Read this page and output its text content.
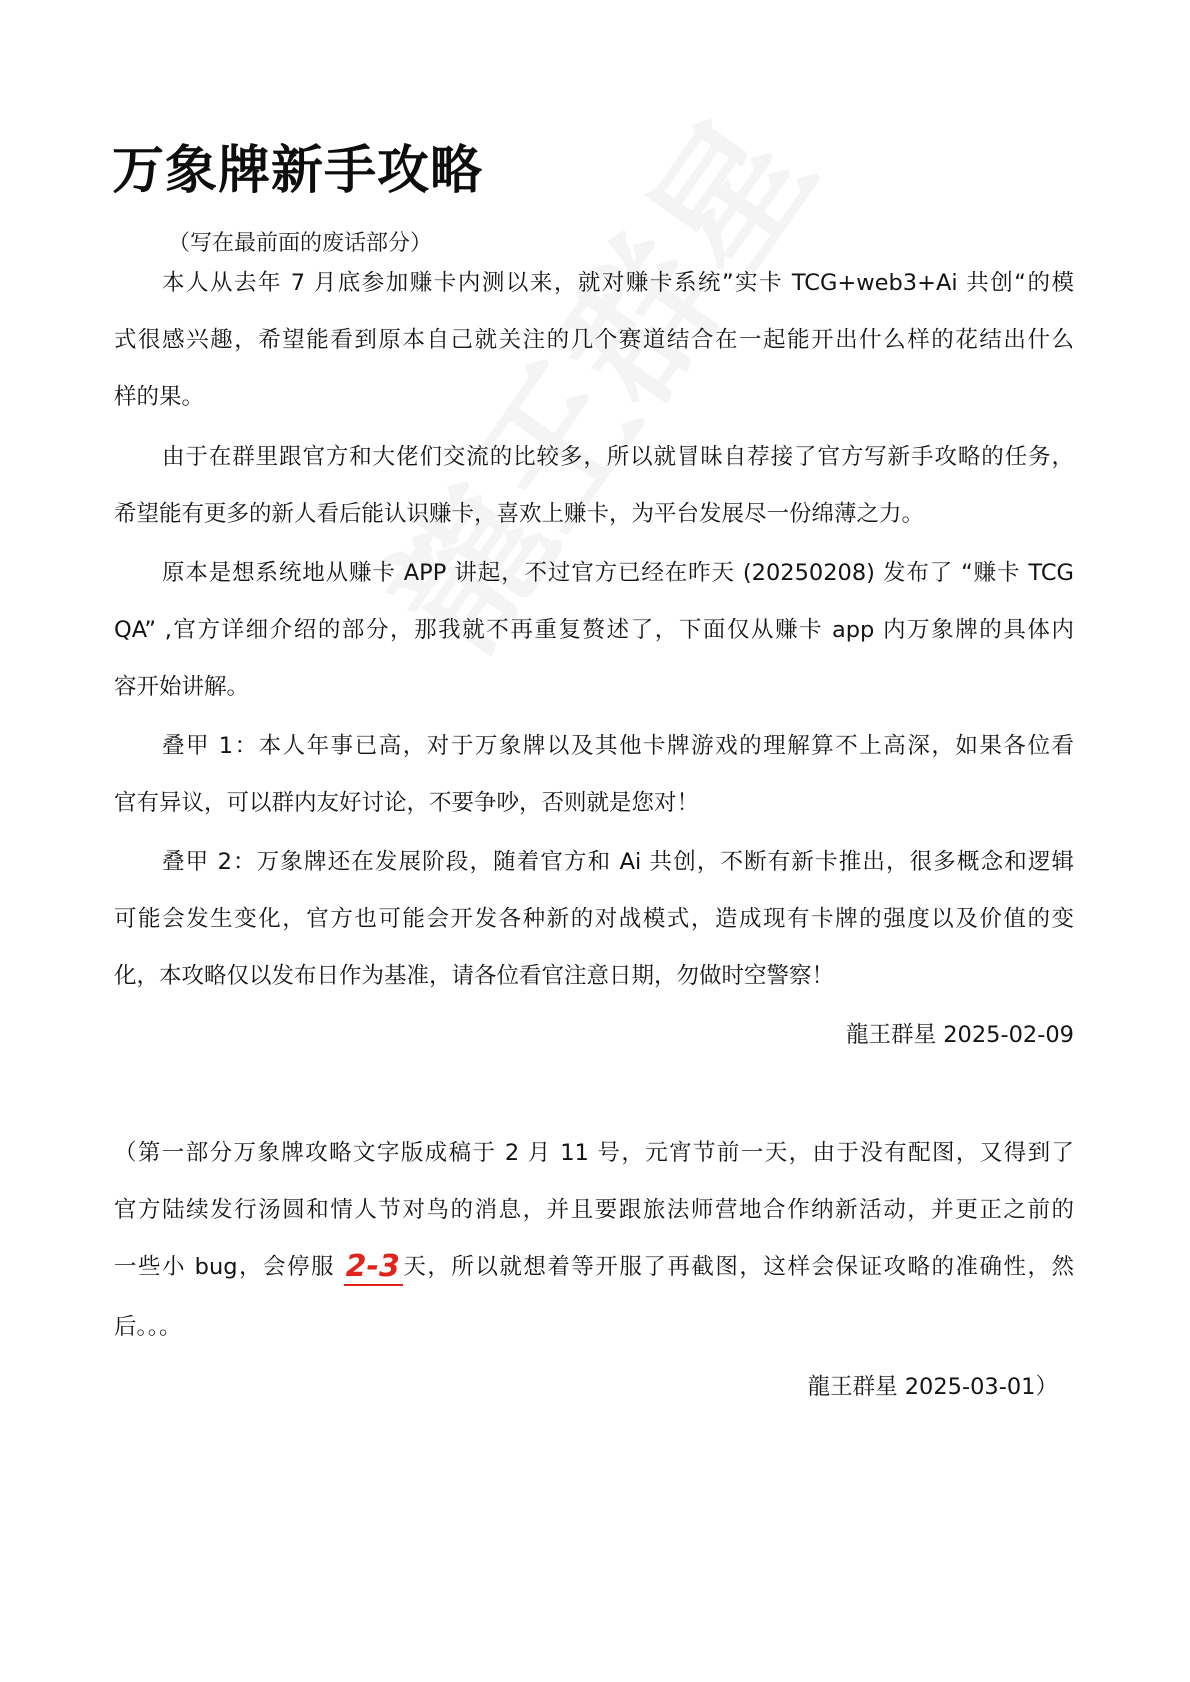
万象牌新手攻略
（写在最前面的废话部分）
本人从去年 7 月底参加赚卡内测以来，就对赚卡系统”实卡 TCG+web3+Ai 共创“的模
式很感兴趣，希望能看到原本自己就关注的几个赛道结合在一起能开出什么样的花结出什么
样的果。
由于在群里跟官方和大佬们交流的比较多，所以就冒昧自荐接了官方写新手攻略的任务，
希望能有更多的新人看后能认识赚卡，喜欢上赚卡，为平台发展尽一份绵薄之力。
原本是想系统地从赚卡 APP 讲起，不过官方已经在昨天 (20250208) 发布了 “赚卡 TCG
QA” ,官方详细介绍的部分，那我就不再重复赘述了，下面仅从赚卡 app 内万象牌的具体内
容开始讲解。
叠甲 1：本人年事已高，对于万象牌以及其他卡牌游戏的理解算不上高深，如果各位看
官有异议，可以群内友好讨论，不要争吵，否则就是您对！
叠甲 2：万象牌还在发展阶段，随着官方和 Ai 共创，不断有新卡推出，很多概念和逻辑
可能会发生变化，官方也可能会开发各种新的对战模式，造成现有卡牌的强度以及价值的变
化，本攻略仅以发布日作为基准，请各位看官注意日期，勿做时空警察！
龍王群星 2025-02-09
（第一部分万象牌攻略文字版成稿于 2 月 11 号，元宵节前一天，由于没有配图，又得到了
官方陆续发行汤圆和情人节对鸟的消息，并且要跟旅法师营地合作纳新活动，并更正之前的
一些小 bug，会停服 2-3天，所以就想着等开服了再截图，这样会保证攻略的准确性，然
后。。。
龍王群星 2025-03-01）
